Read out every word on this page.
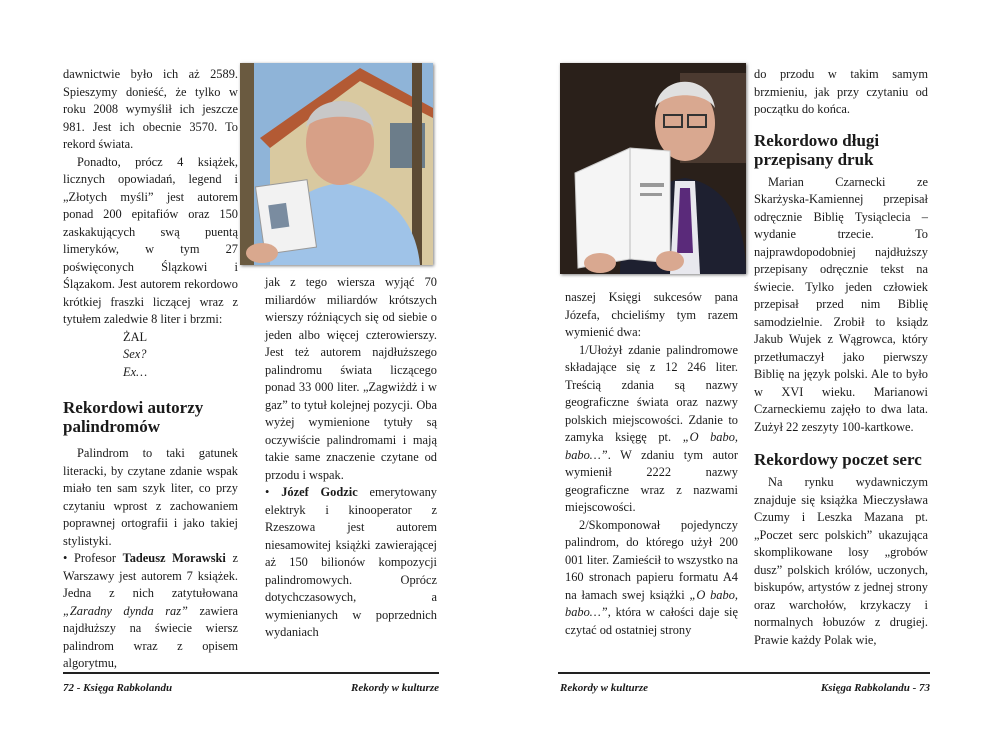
dawnictwie było ich aż 2589. Spieszymy donieść, że tylko w roku 2008 wymyślił ich jeszcze 981. Jest ich obecnie 3570. To rekord świata.

Ponadto, prócz 4 książek, licznych opowiadań, legend i „Złotych myśli” jest autorem ponad 200 epitafiów oraz 150 zaskakujących swą puentą limeryków, w tym 27 poświęconych Ślązkowi i Ślązakom. Jest autorem rekordowo krótkiej fraszki liczącej wraz z tytułem zaledwie 8 liter i brzmi:

ŻAL
Sex?
Ex…
Rekordowi autorzy palindromów

Palindrom to taki gatunek literacki, by czytane zdanie wspak miało ten sam szyk liter, co przy czytaniu wprost z zachowaniem poprawnej ortografii i jako takiej stylistyki.

• Profesor Tadeusz Morawski z Warszawy jest autorem 7 książek. Jedna z nich zatytułowana „Zaradny dynda raz” zawiera najdłuższy na świecie wiersz palindrom wraz z opisem algorytmu,

jak z tego wiersza wyjąć 70 miliardów miliardów krótszych wierszy różniących się od siebie o jeden albo więcej czterowierszy. Jest też autorem najdłuższego palindromu świata liczącego ponad 33 000 liter. „Zagwiżdż i w gaz” to tytuł kolejnej pozycji. Oba wyżej wymienione tytuły są oczywiście palindromami i mają takie same znaczenie czytane od przodu i wspak.

• Józef Godzic emerytowany elektryk i kinooperator z Rzeszowa jest autorem niesamowitej książki zawierającej aż 150 bilionów kompozycji palindromowych. Oprócz dotychczasowych, a wymienianych w poprzednich wydaniach

72 - Księga Rabkolandu	Rekordy w kulturze

naszej Księgi sukcesów pana Józefa, chcieliśmy tym razem wymienić dwa:

1/Ułożył zdanie palindromowe składające się z 12 246 liter. Treścią zdania są nazwy geograficzne świata oraz nazwy polskich miejscowości. Zdanie to zamyka księgę pt. „O babo, babo…”. W zdaniu tym autor wymienił 2222 nazwy geograficzne wraz z nazwami miejscowości.

2/Skomponował pojedynczy palindrom, do którego użył 200 001 liter. Zamieścił to wszystko na 160 stronach papieru formatu A4 na łamach swej książki „O babo, babo…”, która w całości daje się czytać od ostatniej strony

do przodu w takim samym brzmieniu, jak przy czytaniu od początku do końca.

Rekordowo długi przepisany druk

Marian Czarnecki ze Skarżyska-Kamiennej przepisał odręcznie Biblię Tysiąclecia – wydanie trzecie. To najprawdopodobniej najdłuższy przepisany odręcznie tekst na świecie. Tylko jeden człowiek przepisał przed nim Biblię samodzielnie. Zrobił to ksiądz Jakub Wujek z Wągrowca, który przetłumaczył jako pierwszy Biblię na język polski. Ale to było w XVI wieku. Marianowi Czarneckiemu zajęło to dwa lata. Zużył 22 zeszyty 100-kartkowe.

Rekordowy poczet serc

Na rynku wydawniczym znajduje się książka Mieczysława Czumy i Leszka Mazana pt. „Poczet serc polskich” ukazująca skomplikowane losy „grobów dusz” polskich królów, uczonych, biskupów, artystów z jednej strony oraz warchołów, krzykaczy i normalnych łobuzów z drugiej. Prawie każdy Polak wie,

Rekordy w kulturze	Księga Rabkolandu - 73
